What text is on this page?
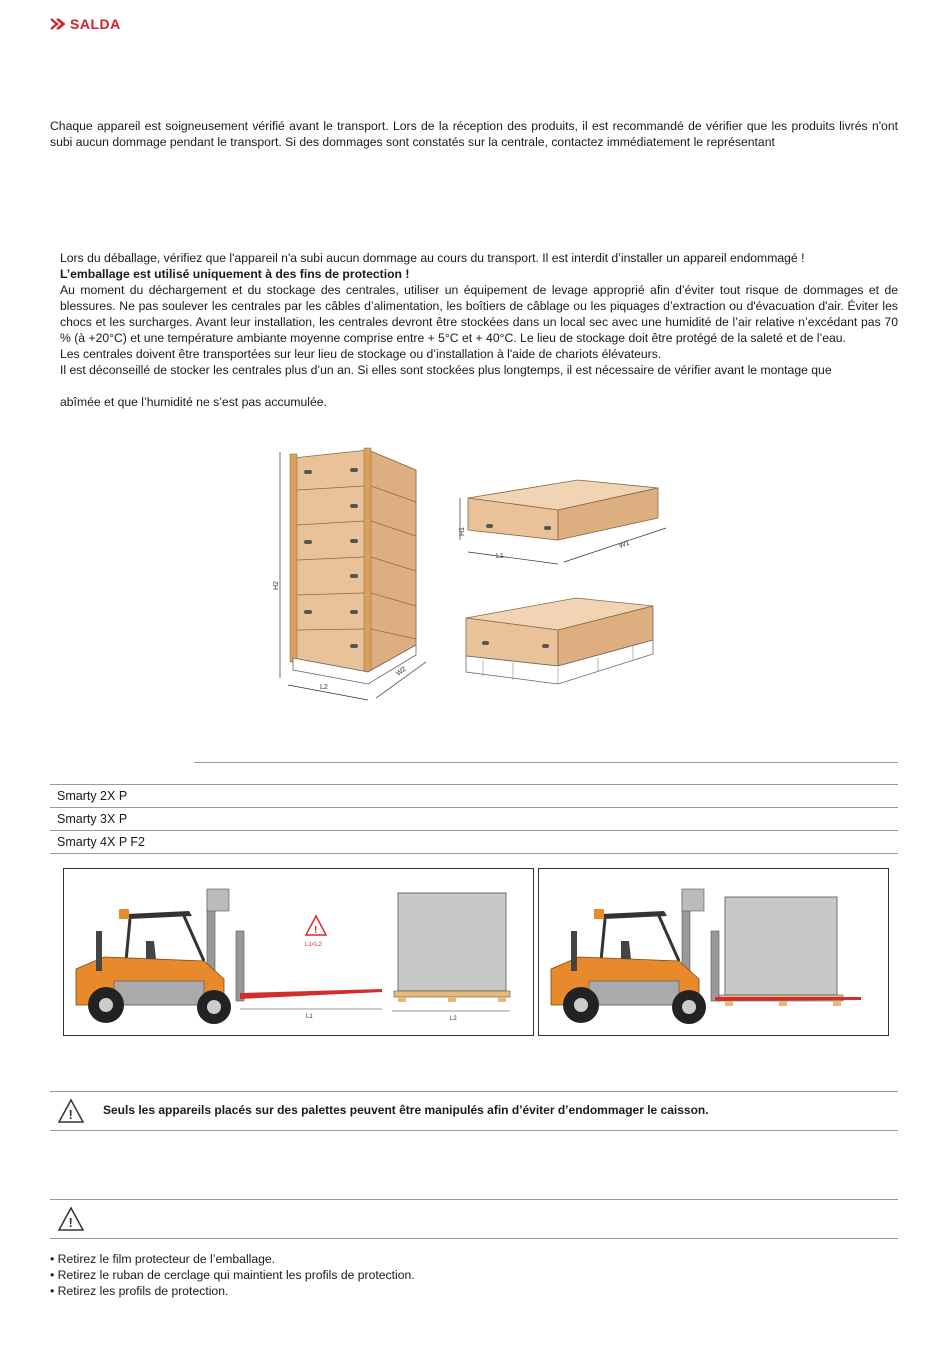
SALDA
Chaque appareil est soigneusement vérifié avant le transport. Lors de la réception des produits, il est recommandé de vérifier que les produits livrés n'ont subi aucun dommage pendant le transport. Si des dommages sont constatés sur la centrale, contactez immédiatement le représentant
Lors du déballage, vérifiez que l'appareil n'a subi aucun dommage au cours du transport. Il est interdit d’installer un appareil endommagé !
L’emballage est utilisé uniquement à des fins de protection !
Au moment du déchargement et du stockage des centrales, utiliser un équipement de levage approprié afin d’éviter tout risque de dommages et de blessures. Ne pas soulever les centrales par les câbles d’alimentation, les boîtiers de câblage ou les piquages d’extraction ou d'évacuation d'air. Éviter les chocs et les surcharges. Avant leur installation, les centrales devront être stockées dans un local sec avec une humidité de l’air relative n’excédant pas 70 % (à +20°C) et une température ambiante moyenne comprise entre + 5°C et + 40°C. Le lieu de stockage doit être protégé de la saleté et de l’eau.
Les centrales doivent être transportées sur leur lieu de stockage ou d’installation à l'aide de chariots élévateurs.
Il est déconseillé de stocker les centrales plus d’un an. Si elles sont stockées plus longtemps, il est nécessaire de vérifier avant le montage que
abîmée et que l’humidité ne s’est pas accumulée.
H2
L2
W2
H1
L1
W1
Smarty 2X P
Smarty 3X P
Smarty 4X P F2
!
L1<L2
L1	L2
!	Seuls les appareils placés sur des palettes peuvent être manipulés afin d’éviter d’endommager le caisson.
!
• Retirez le film protecteur de l’emballage.
• Retirez le ruban de cerclage qui maintient les profils de protection.
• Retirez les profils de protection.
